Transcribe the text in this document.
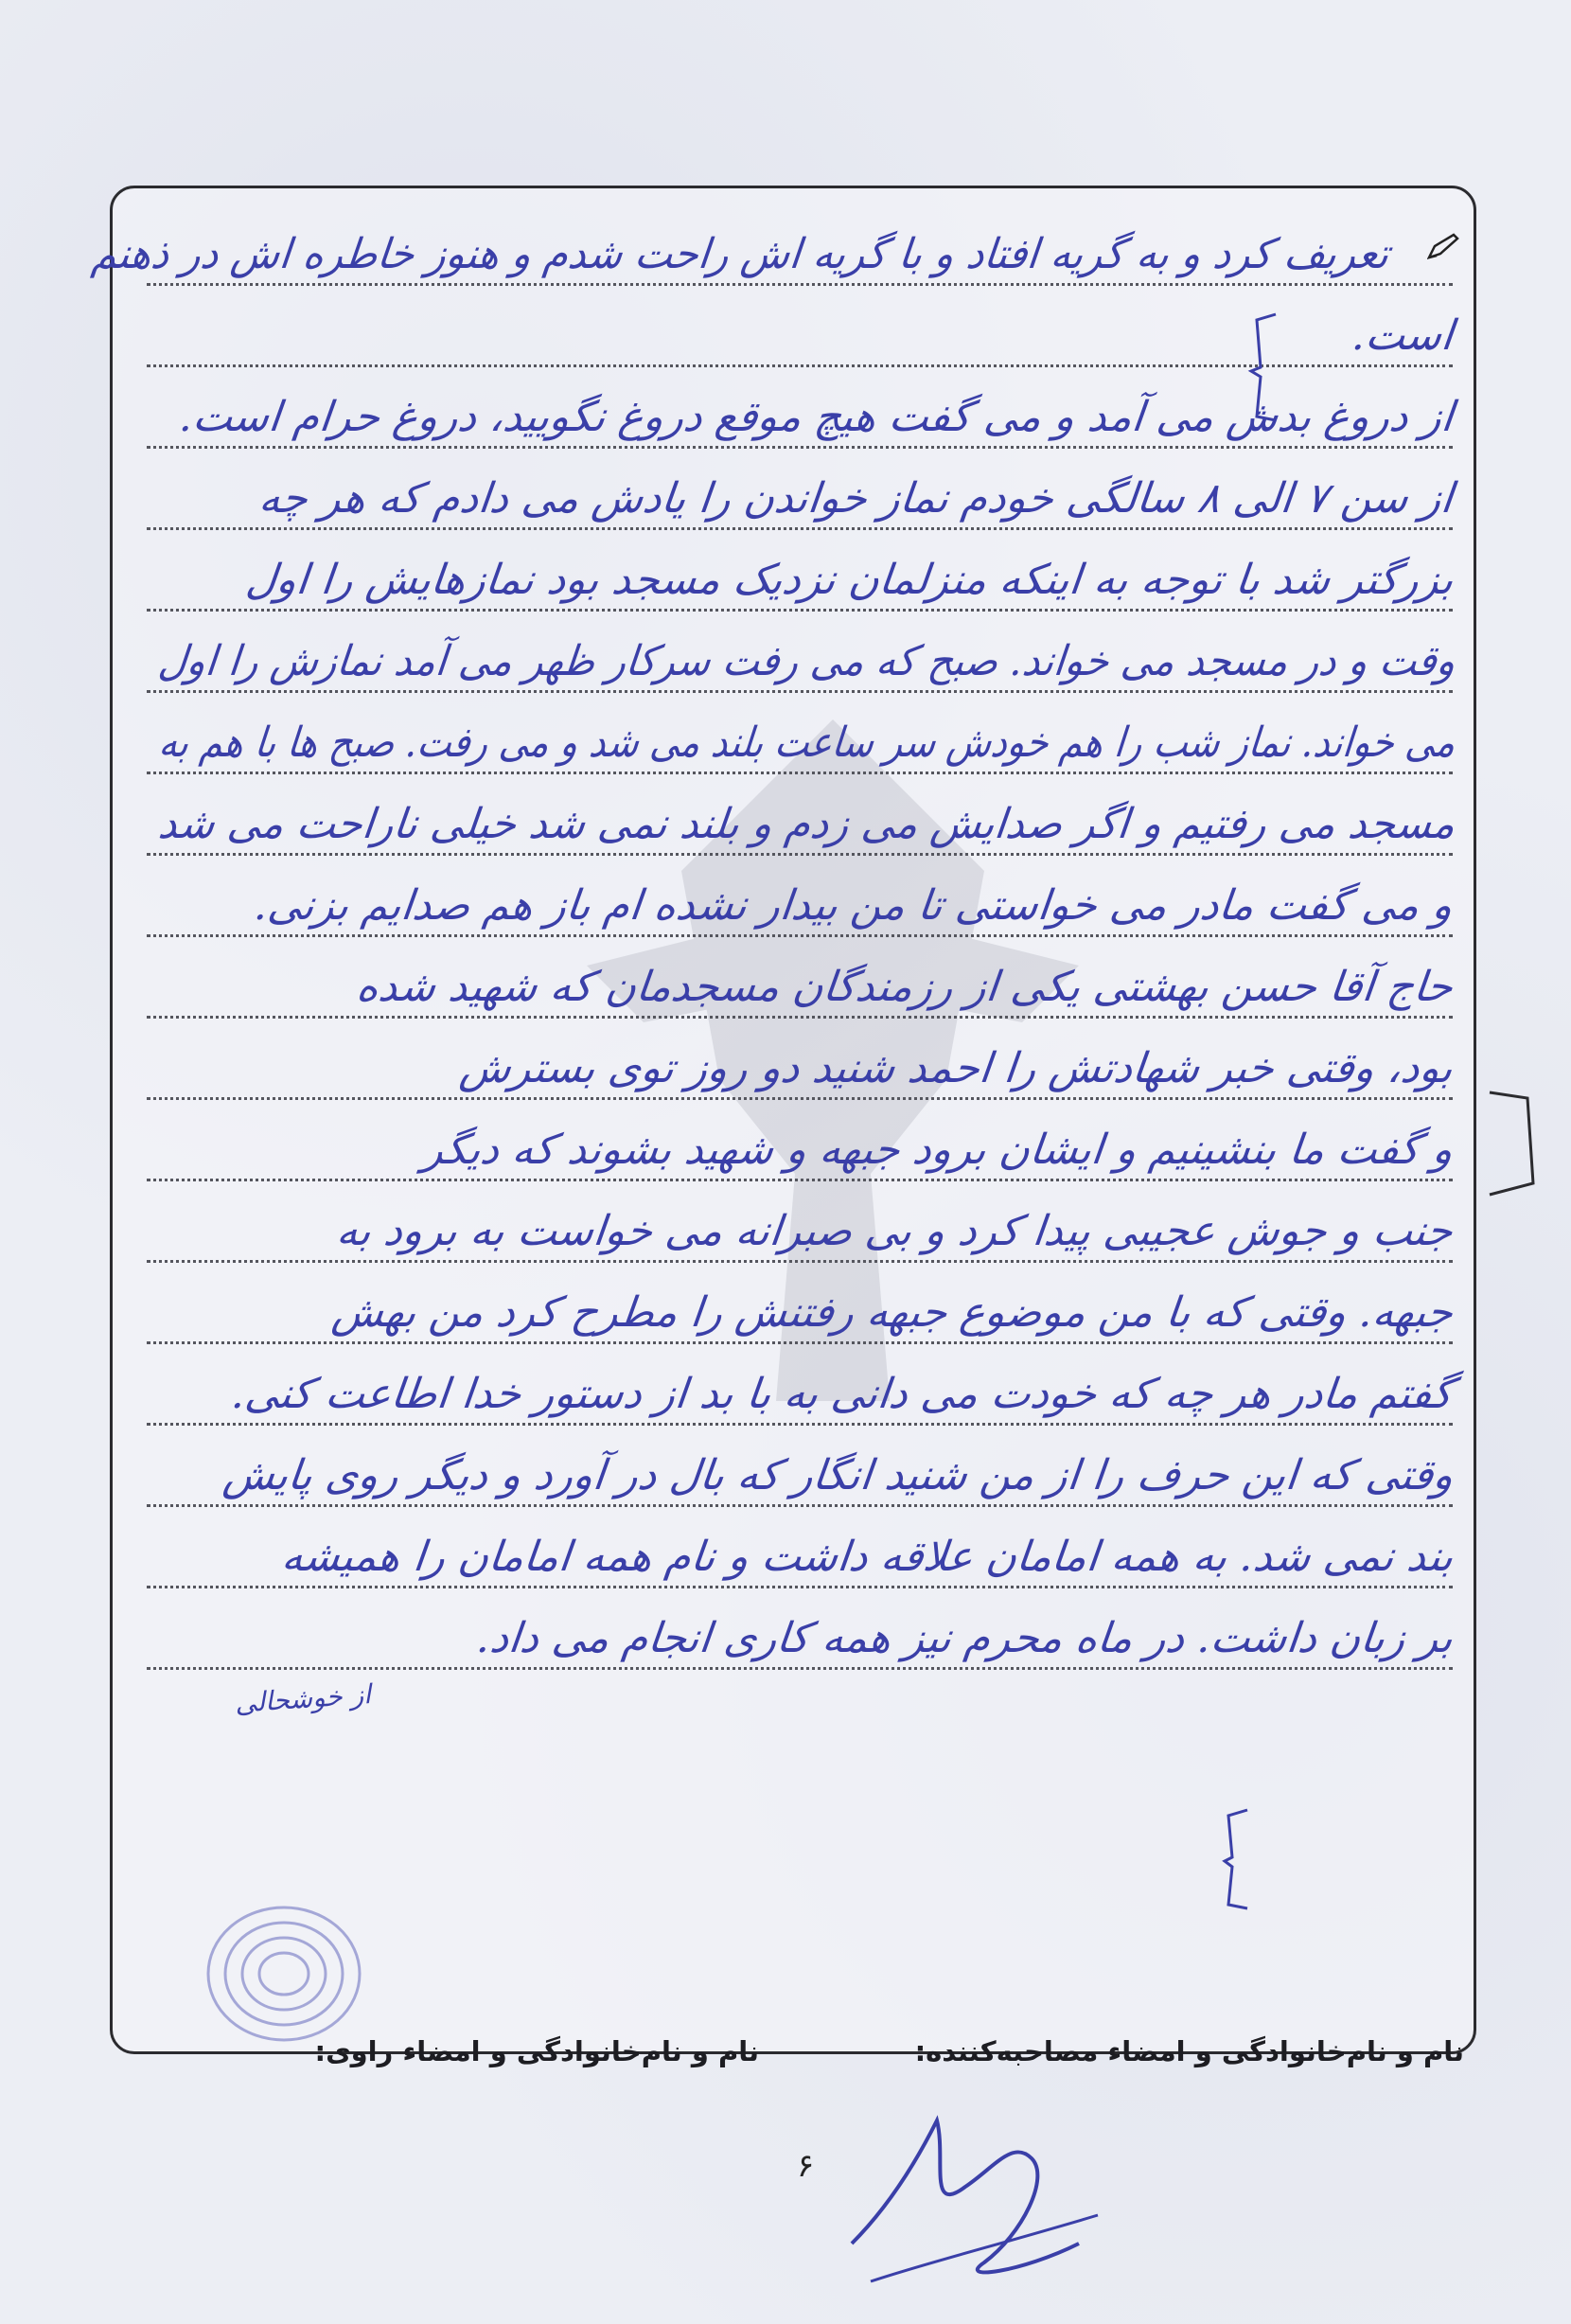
تعریف کرد و به گریه افتاد و با گریه اش راحت شدم و هنوز خاطره اش در ذهنم
است.
از دروغ بدش می آمد و می گفت هیچ موقع دروغ نگویید، دروغ حرام است.
از سن ۷ الی ۸ سالگی خودم نماز خواندن را یادش می دادم که هر چه
بزرگتر شد با توجه به اینکه منزلمان نزدیک مسجد بود نمازهایش را اول
وقت و در مسجد می خواند. صبح که می رفت سرکار ظهر می آمد نمازش را اول
می خواند. نماز شب را هم خودش سر ساعت بلند می شد و می رفت. صبح ها با هم به
مسجد می رفتیم و اگر صدایش می زدم و بلند نمی شد خیلی ناراحت می شد
و می گفت مادر می خواستی تا من بیدار نشده ام باز هم صدایم بزنی.
حاج آقا حسن بهشتی یکی از رزمندگان مسجدمان که شهید شده
بود، وقتی خبر شهادتش را احمد شنید دو روز توی بسترش
و گفت ما بنشینیم و ایشان برود جبهه و شهید بشوند که دیگر
جنب و جوش عجیبی پیدا کرد و بی صبرانه می خواست به برود به
جبهه. وقتی که با من موضوع جبهه رفتنش را مطرح کرد من بهش
گفتم مادر هر چه که خودت می دانی به با بد از دستور خدا اطاعت کنی.
وقتی که این حرف را از من شنید انگار که بال در آورد و دیگر روی پایش
بند نمی شد. به همه امامان علاقه داشت و نام همه امامان را همیشه
بر زبان داشت. در ماه محرم نیز همه کاری انجام می داد.
از خوشحالی
نام و نام‌خانوادگی و امضاء مصاحبه‌کننده:
نام و نام‌خانوادگی و امضاء راوی:
۶
